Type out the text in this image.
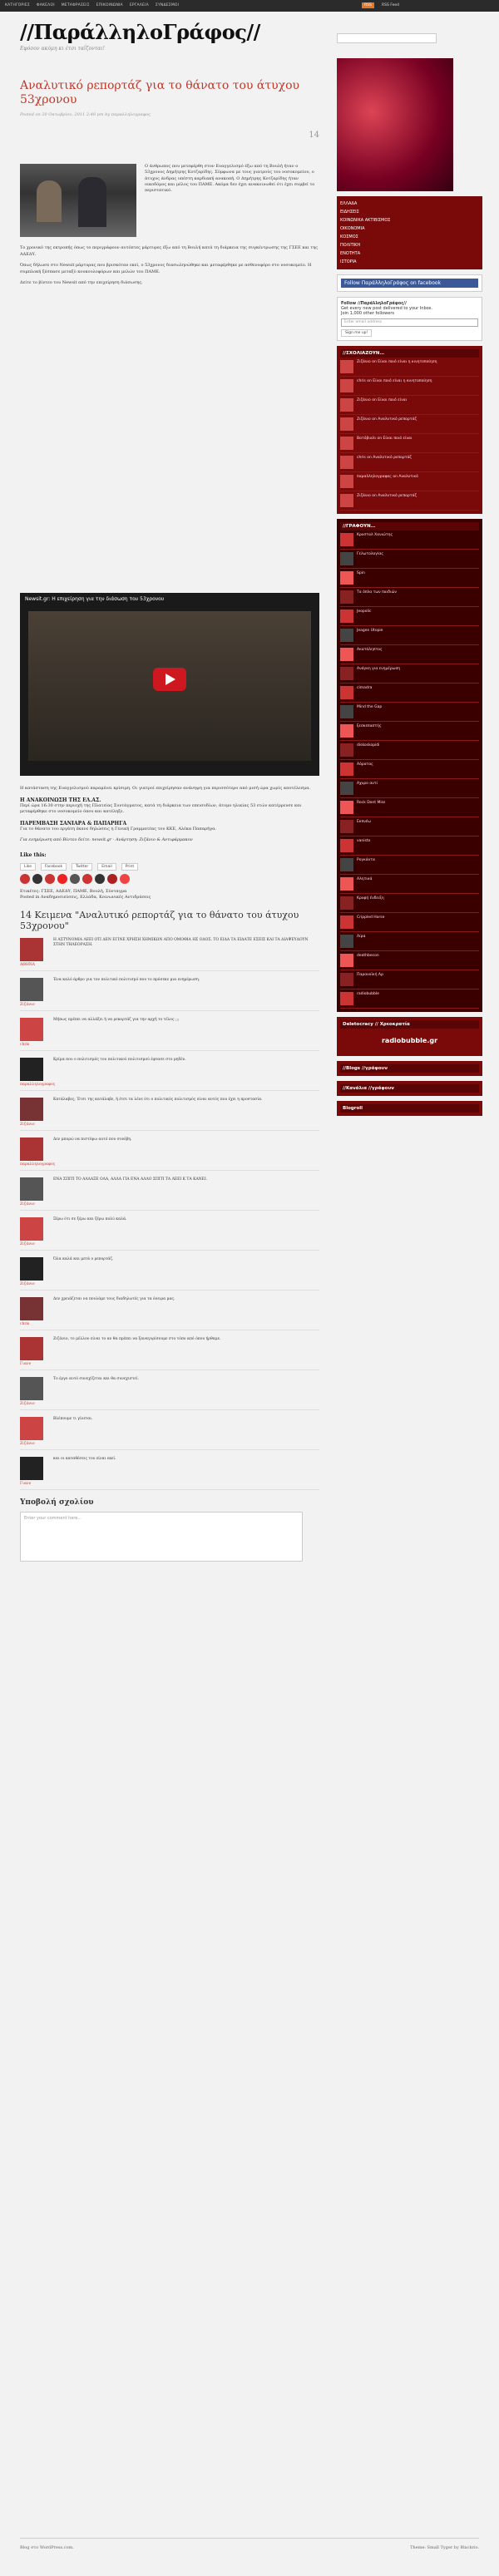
ΚΑΤΗΓΟΡΙΕΣ ΦΑΚΕΛΟΙ ΜΕΤΑΦΡΑΣΕΙΣ ΕΠΙΚΟΙΝΩΝΙΑ ΕΡΓΑΛΕΙΑ ΣΥΝΔΕΣΜΟΙ	RSS	RSS Feed
//ΠαράλληλοΓράφος//
Εφόσον ακόμη κι έτσι ταΐζονται!
Αναλυτικό ρεπορτάζ για το θάνατο του άτυχου 53χρονου
Posted on 20 Οκτωβρίου, 2011 2:48 pm by παραλληλογραφος
14
Ο άνθρωπος που μετεφέρθη στον Ευαγγελισμό έξω από τη Βουλή ήταν ο 53χρονος Δημήτρης Κοτζαρίδης. Σύμφωνα με τους γιατρούς του νοσοκομείου, ο άτυχος άνδρας υπέστη καρδιακή ανακοπή. Ο Δημήτρης Κοτζαρίδης ήταν οικοδόμος και μέλος του ΠΑΜΕ. Ακόμα δεν έχει ανακοινωθεί ότι έχει συμβεί το περιστατικό.

Το χρονικό της εκτροπής όπως το περιγράφουν αυτόπτες μάρτυρες έξω από τη Βουλή κατά τη διάρκεια της συγκέντρωσης της ΓΣΕΕ και της ΑΔΕΔΥ.

Όπως δήλωσε στο Newsit μάρτυρας που βρισκόταν εκεί, ο 53χρονος διασωληνώθηκε και μεταφέρθηκε με ασθενοφόρο στο νοσοκομείο. Η συμπλοκή ξέσπασε μεταξύ κουκουλοφόρων και μελών του ΠΑΜΕ.

Δείτε το βίντεο του Newsit από την επιχείρηση διάσωσης.

Newsit.gr: Η επιχείρηση για την διάσωση του 53χρονου

Η κατάσταση της Ευαγγελισμού παραμένει κρίσιμη. Οι γιατροί επιχείρησαν ανάνηψη για περισσότερο από μισή ώρα χωρίς αποτέλεσμα.

Η ΑΝΑΚΟΙΝΩΣΗ ΤΗΣ ΕΛ.ΑΣ.

Περί ώρα 16:30 στην περιοχή της Πλατείας Συντάγματος, κατά τη διάρκεια των επεισοδίων, άτομο ηλικίας 53 ετών κατέρρευσε και μεταφέρθηκε στο νοσοκομείο όπου και κατέληξε.

ΠΑΡΕΜΒΑΣΗ ΣΑΝΙΑΡΑ & ΠΑΠΑΡΗΓΑ

Για το θάνατο του εργάτη έκανε δηλώσεις η Γενική Γραμματέας του ΚΚΕ, Αλέκα Παπαρήγα.

Για ενημέρωση από Βίντεο δείτε: newsit.gr · Ανάρτηση: Ζιζάνιο & Αντιφάρμακον

Like this:
Like	Facebook	Twitter	Email	Print

Ετικέτες: ΓΣΕΕ, ΑΔΕΔΥ, ΠΑΜΕ, Βουλή, Σύνταγμα

Posted in Αναδημοσιεύσεις, Ελλάδα, Κοινωνικές Αντιδράσεις

14 Κειμενα "Αναλυτικό ρεπορτάζ για το θάνατο του άτυχου 53χρονου"
ΑΘΗΝΑ
Η ΑΣΤΥΝΟΜΙΑ ΛΕΕΙ ΟΤΙ ΔΕΝ ΕΓΙΝΕ ΧΡΗΣΗ ΧΗΜΙΚΩΝ ΑΠΟ ΟΜΟΘΙΑ ΗΣ ΟΔΟΣ. ΤΟ ΕΙΔΑ ΤΑ ΕΙΔΑΤΕ ΕΣΕΙΣ ΚΑΙ ΤΑ ΔΙΑΨΕΥΔΟΥΝ ΣΤΗΝ ΤΗΛΕΟΡΑΣΗ.
Ζιζάνιο
Ένα καλό άρθρο για τον πολιτικό πολιτισμό που το πρόσεκε μια ενημέρωση.
chris
Μήπως πρέπει να αλλάξει ή να ρεκορτάζ για την αρχή το τέλος ;;;
παραλληλογραφος
Κρίμα που ο πολιτισμός του πολιτικού πολιτισμού έφτασε στο μηδέν.
Ζιζάνιο
Κατάλαβες; Έτσι της κατάλαβε, ή έτσι τα λένε ότι ο πολιτικός πολιτισμός είναι αυτός που έχει η προστασία.
παραλληλογραφος
Δεν μπορώ να πιστέψω αυτό που συνέβη.
Ζιζάνιο
ΕΝΑ ΣΠΙΤΙ ΤΟ ΑΛΛΑΞΕ ΟΛΑ, ΑΛΛΑ ΓΙΑ ΕΝΑ ΑΛΛΟ ΣΠΙΤΙ ΤΑ ΛΕΕΙ Κ ΤΑ ΚΑΝΕΙ.
Ζιζάνιο
Ξέρω ότι σε ξέρω και ξέρω πολύ καλά.
Ζιζάνιο
Όλα καλά και μετά ο ρεπορτάζ.
chris
Δεν χρειάζεται να πουλάμε τους διαδηλωτές για τα όνειρα μας.
Γιανν
Ζιζάνιο, το μέλλον είναι το αν θα πρέπει να ξαναγυρίσουμε στο τόπο από όπου ήρθαμε.
Ζιζάνιο
Το έργο αυτό συνεχίζεται και θα συνεχιστεί.
Ζιζάνιο
Βλέπουμε τι γίνεται.
Γιανν
και οι καταθέσεις του είναι εκεί.
Υποβολή σχολίου
Enter your comment here...
ΕΛΛΑΔΑ
ΕΙΔΗΣΕΙΣ
ΚΟΙΝΩΝΙΚΑ ΑΚΤΙΒΙΣΜΟΣ
ΟΙΚΟΝΟΜΙΑ
ΚΟΣΜΟΣ
ΠΟΛΙΤΙΚΗ
ΕΝΟΤΗΤΑ
ΙΣΤΟΡΙΑ
Follow ΠαράλληλοΓράφος on facebook
Follow //ΠαράλληλοΓράφος//
Get every new post delivered to your Inbox.
Join 1,000 other followers
Enter email address
Sign me up!
//ΣΧΟΛΙΑΖΟΥΝ…
Ζιζάνιο on Είναι ποιό είναι η κινητοποίηση
chris on Είναι ποιό είναι η κινητοποίηση
Ζιζάνιο on Είναι ποιό είναι
Ζιζάνιο on Αναλυτικό ρεπορτάζ
Βατόβιαλι on Είναι ποιό είναι
chris on Αναλυτικό ρεπορτάζ
παραλληλογραφος on Αναλυτικό
Ζιζάνιο on Αναλυτικό ρεπορτάζ
//ΓΡΑΦΟΥΝ…
Κρυσταλ Χανιώτης
Γελωτολογίας
Spin
Τα όπλα των παιδιών
Jeopolic
Jeagen Utopie
Ακατάληπτος
Ανάγκη για ενημέρωση
cimadra
Mind the Gap
ξεσκεπαστής
diskoskopidi
Αόρατος
Αχυρο αντί
Rock Dont Miss
Εκπνέω
vanisto
Ρογκάντα
Αλητικά
Κρυφή ένδειξη
Crippled Horse
Λίρα
deathbecon
Παρανοϊκή Αρ
radiobubble
Deletocracy // Χρεοκρατία
radiobubble.gr
//Blogs //γράφουν
//Κανάλια //γράφουν
Blogroll
Blog στο WordPress.com.	Theme: Small Tyger by Blackrio.
